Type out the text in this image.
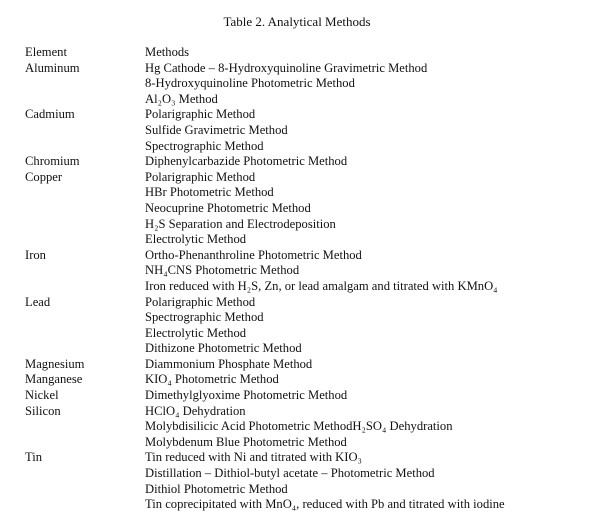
Table 2. Analytical Methods
Element	Methods
Aluminum	Hg Cathode – 8-Hydroxyquinoline Gravimetric Method
8-Hydroxyquinoline Photometric Method
Al₂O₃ Method
Cadmium	Polarigraphic Method
Sulfide Gravimetric Method
Spectrographic Method
Chromium	Diphenylcarbazide Photometric Method
Copper	Polarigraphic Method
HBr Photometric Method
Neocuprine Photometric Method
H₂S Separation and Electrodeposition
Electrolytic Method
Iron	Ortho-Phenanthroline Photometric Method
NH₄CNS Photometric Method
Iron reduced with H₂S, Zn, or lead amalgam and titrated with KMnO₄
Lead	Polarigraphic Method
Spectrographic Method
Electrolytic Method
Dithizone Photometric Method
Magnesium	Diammonium Phosphate Method
Manganese	KIO₄ Photometric Method
Nickel	Dimethylglyoxime Photometric Method
Silicon	HClO₄ Dehydration
Molybdisilicic Acid Photometric MethodH₂SO₄ Dehydration
Molybdenum Blue Photometric Method
Tin	Tin reduced with Ni and titrated with KIO₃
Distillation – Dithiol-butyl acetate – Photometric Method
Dithiol Photometric Method
Tin coprecipitated with MnO₄, reduced with Pb and titrated with iodine
